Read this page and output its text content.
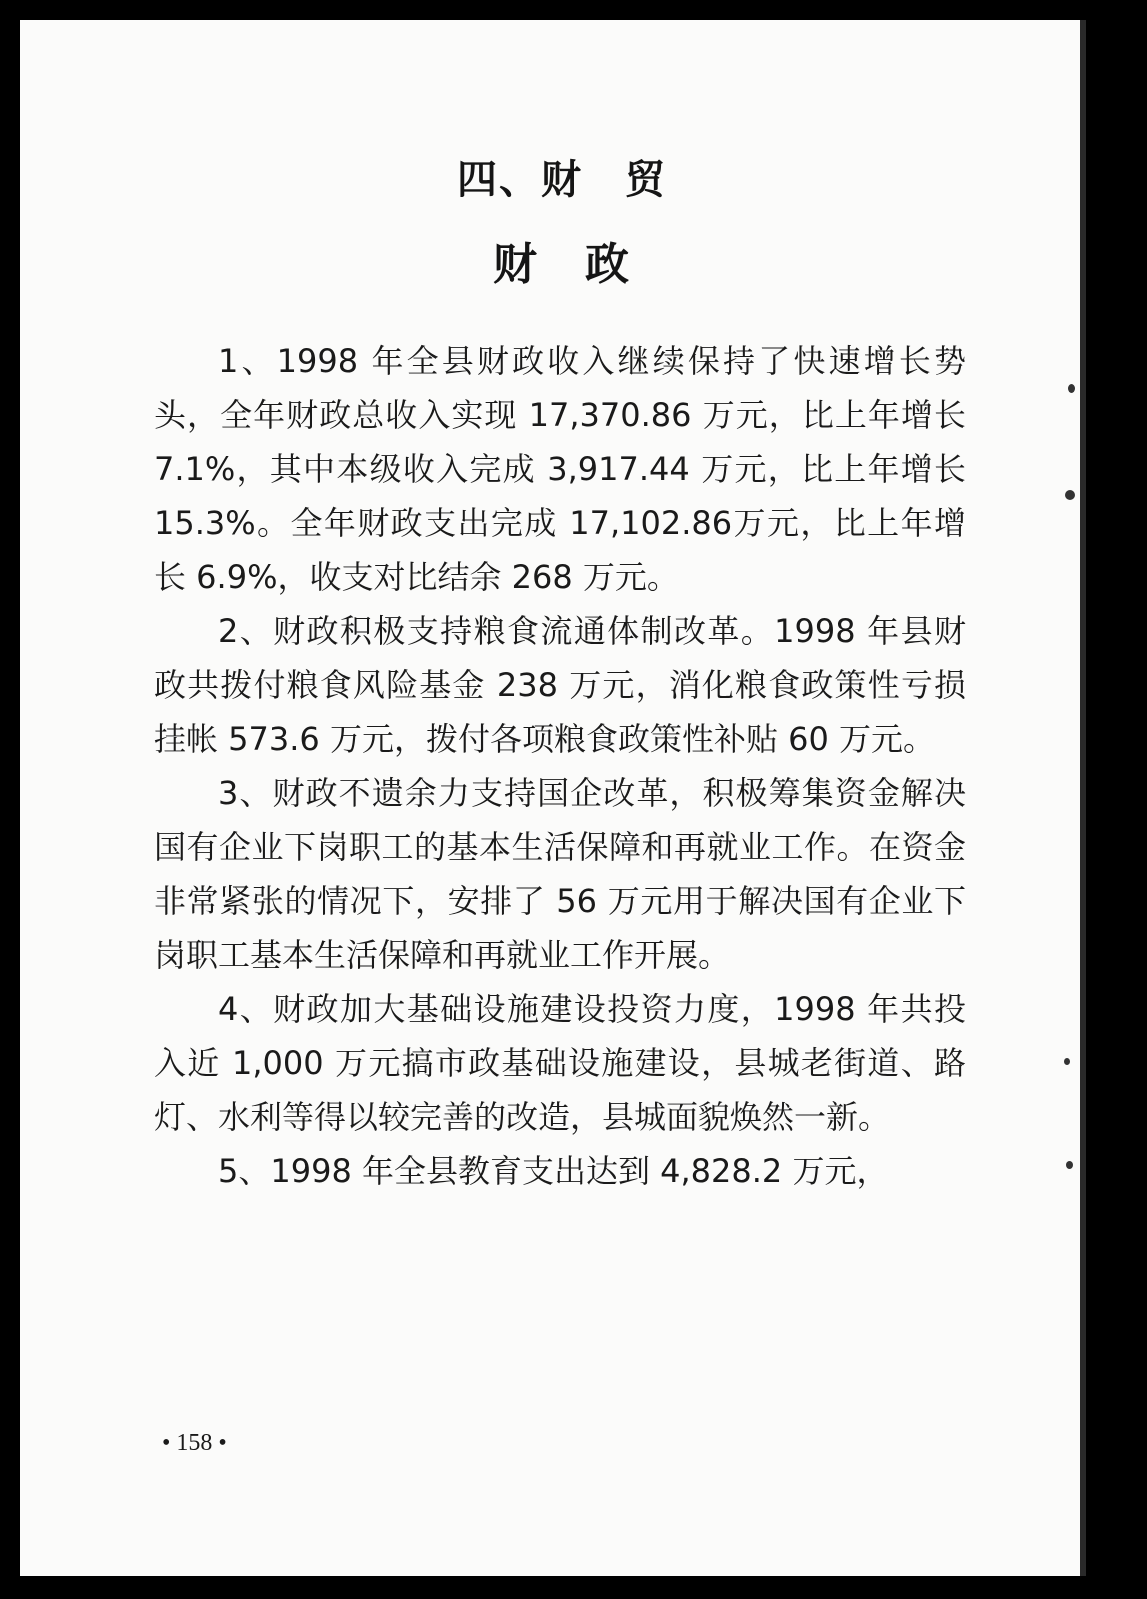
四、财　贸
财　政

1、1998 年全县财政收入继续保持了快速增长势头，全年财政总收入实现 17,370.86 万元，比上年增长 7.1%，其中本级收入完成 3,917.44 万元，比上年增长 15.3%。全年财政支出完成 17,102.86万元，比上年增长 6.9%，收支对比结余 268 万元。

2、财政积极支持粮食流通体制改革。1998 年县财政共拨付粮食风险基金 238 万元，消化粮食政策性亏损挂帐 573.6 万元，拨付各项粮食政策性补贴 60 万元。

3、财政不遗余力支持国企改革，积极筹集资金解决国有企业下岗职工的基本生活保障和再就业工作。在资金非常紧张的情况下，安排了 56 万元用于解决国有企业下岗职工基本生活保障和再就业工作开展。

4、财政加大基础设施建设投资力度，1998 年共投入近 1,000 万元搞市政基础设施建设，县城老街道、路灯、水利等得以较完善的改造，县城面貌焕然一新。

5、1998 年全县教育支出达到 4,828.2 万元，

• 158 •
